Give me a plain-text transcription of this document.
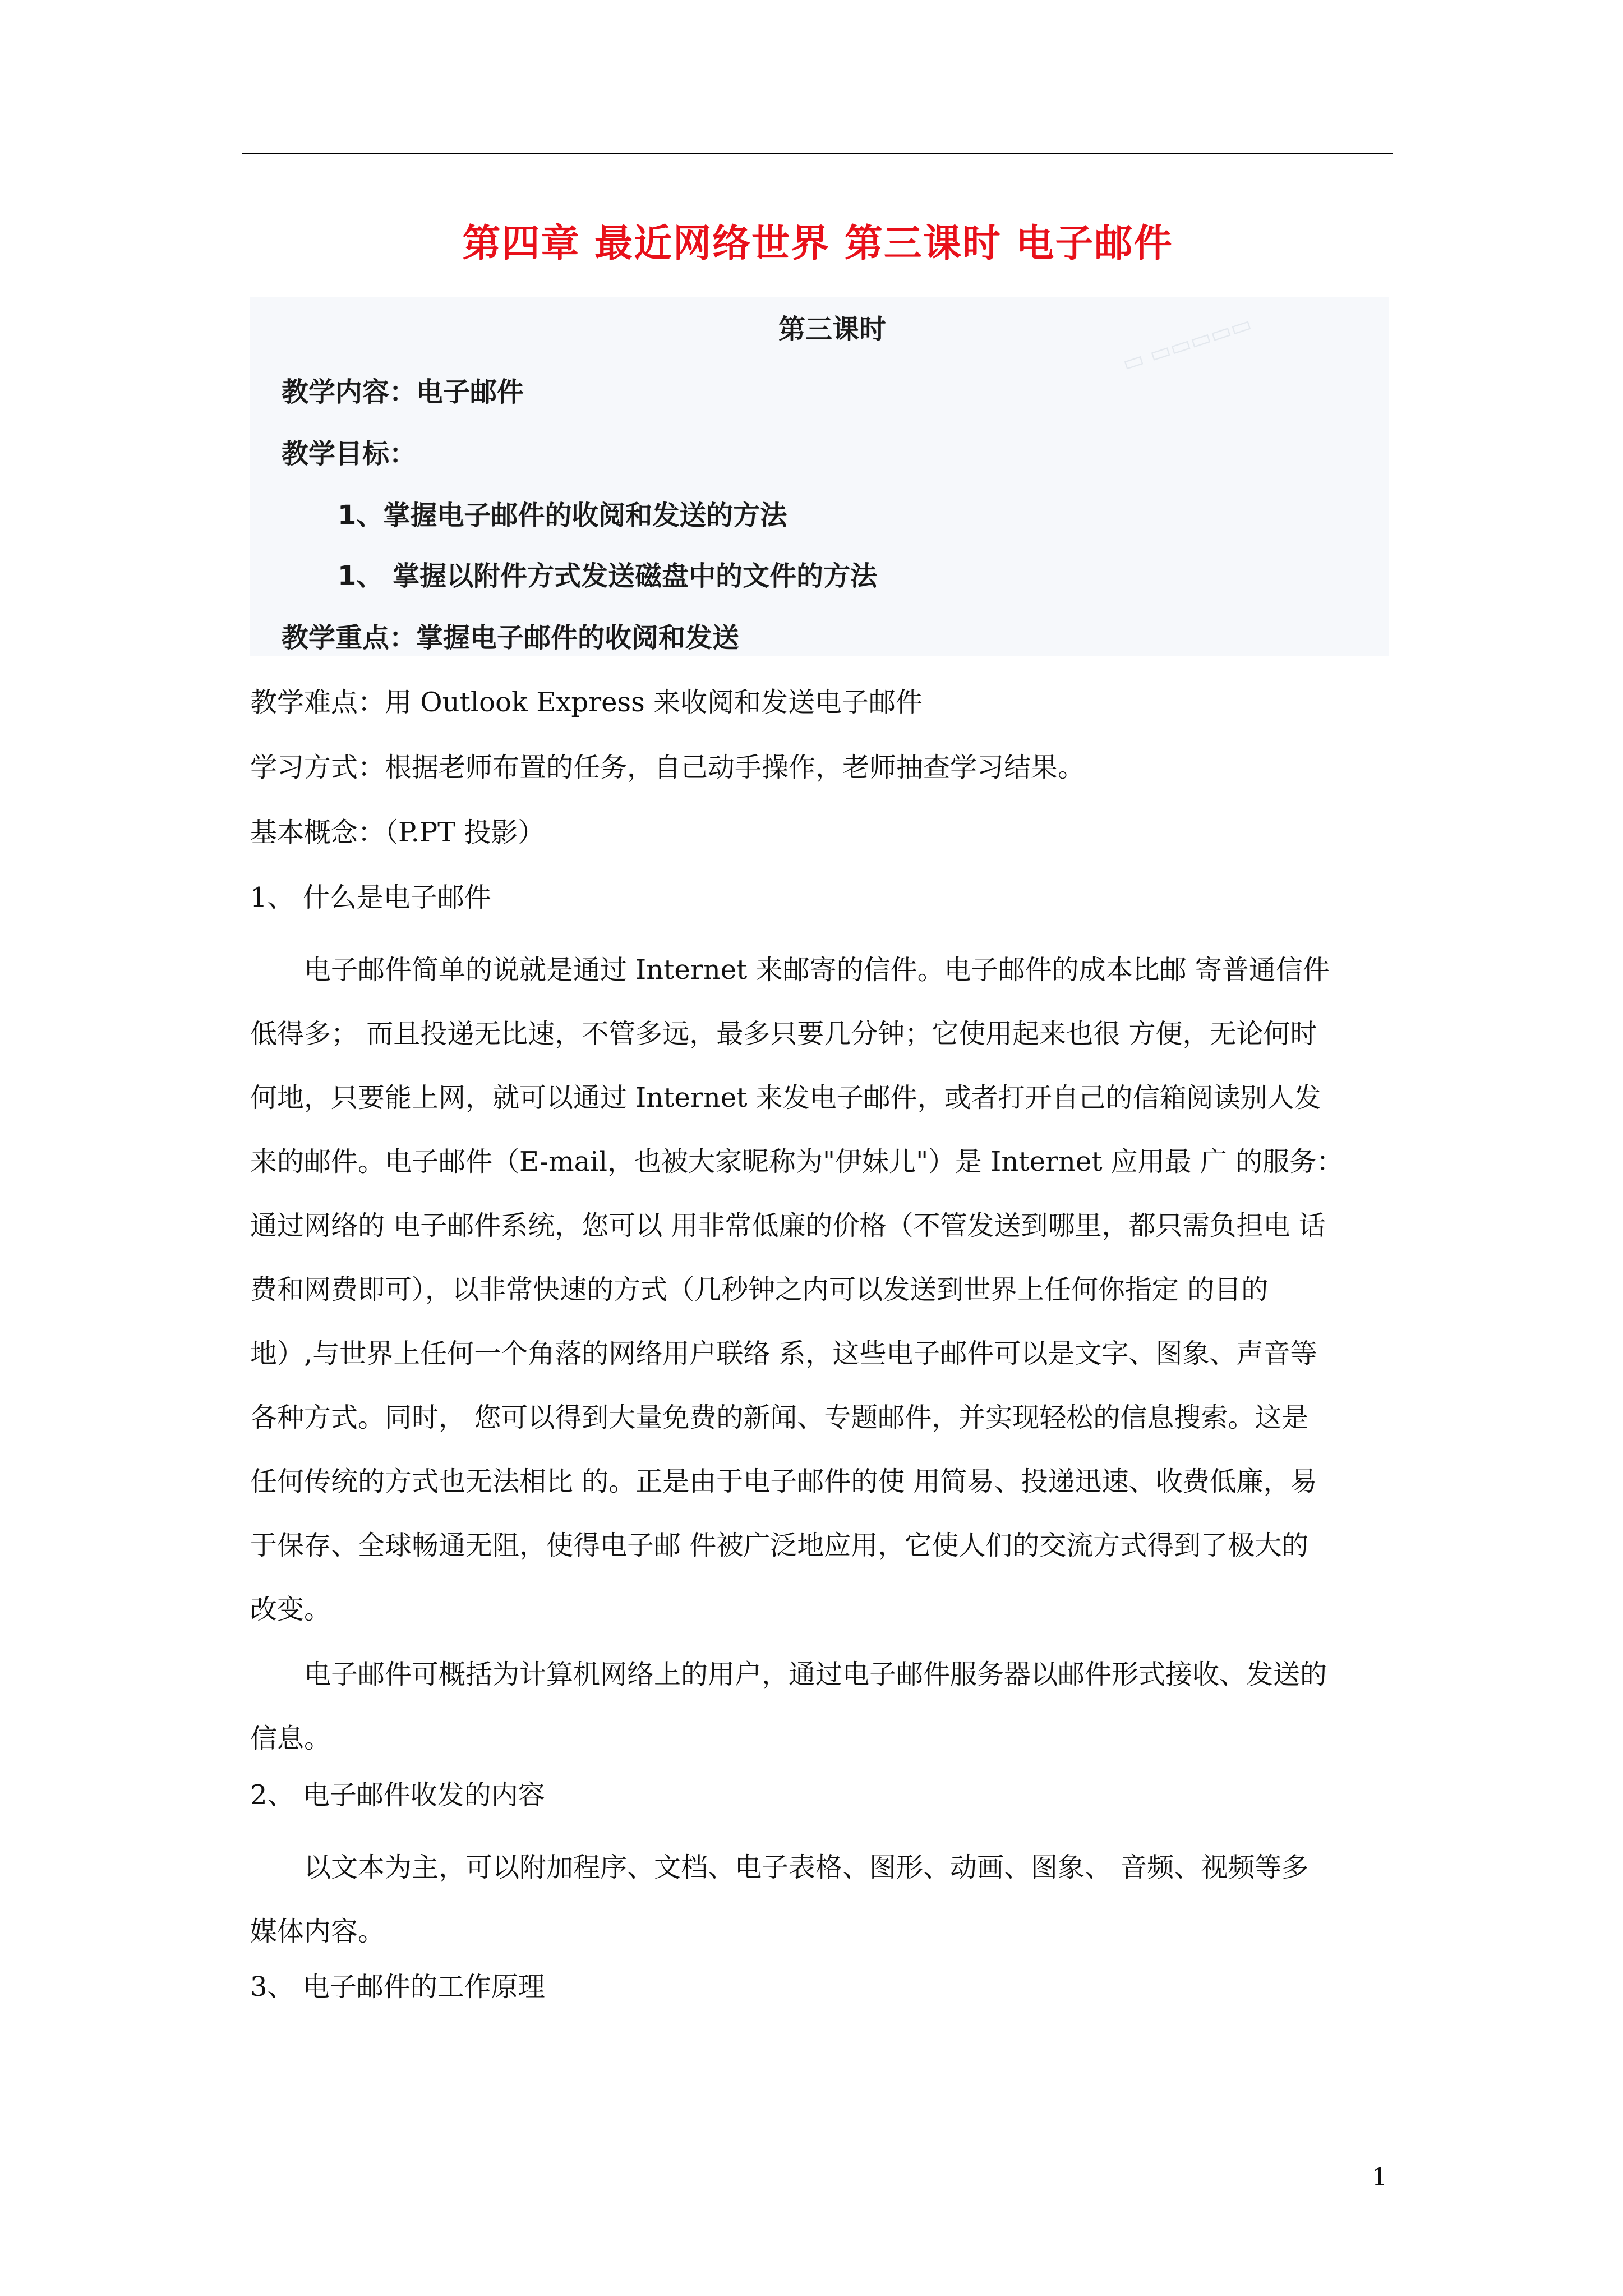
第四章 最近网络世界 第三课时 电子邮件
▭ ▭▭▭▭▭
第三课时
教学内容：电子邮件
教学目标：
1、掌握电子邮件的收阅和发送的方法
1、 掌握以附件方式发送磁盘中的文件的方法
教学重点：掌握电子邮件的收阅和发送
教学难点：用 Outlook Express 来收阅和发送电子邮件
学习方式：根据老师布置的任务，自己动手操作，老师抽查学习结果。
基本概念：（P.PT 投影）
1、 什么是电子邮件
电子邮件简单的说就是通过 Internet 来邮寄的信件。电子邮件的成本比邮 寄普通信件
低得多； 而且投递无比速，不管多远，最多只要几分钟；它使用起来也很 方便，无论何时
何地，只要能上网，就可以通过 Internet 来发电子邮件，或者打开自己的信箱阅读别人发
来的邮件。电子邮件（E-mail，也被大家昵称为"伊妹儿"）是 Internet 应用最 广 的服务：
通过网络的 电子邮件系统，您可以 用非常低廉的价格（不管发送到哪里，都只需负担电 话
费和网费即可），以非常快速的方式（几秒钟之内可以发送到世界上任何你指定 的目的
地）,与世界上任何一个角落的网络用户联络 系，这些电子邮件可以是文字、图象、声音等
各种方式。同时， 您可以得到大量免费的新闻、专题邮件，并实现轻松的信息搜索。这是
任何传统的方式也无法相比 的。正是由于电子邮件的使 用简易、投递迅速、收费低廉，易
于保存、全球畅通无阻，使得电子邮 件被广泛地应用，它使人们的交流方式得到了极大的
改变。
电子邮件可概括为计算机网络上的用户，通过电子邮件服务器以邮件形式接收、发送的
信息。
2、 电子邮件收发的内容
以文本为主，可以附加程序、文档、电子表格、图形、动画、图象、 音频、视频等多
媒体内容。
3、 电子邮件的工作原理
1
